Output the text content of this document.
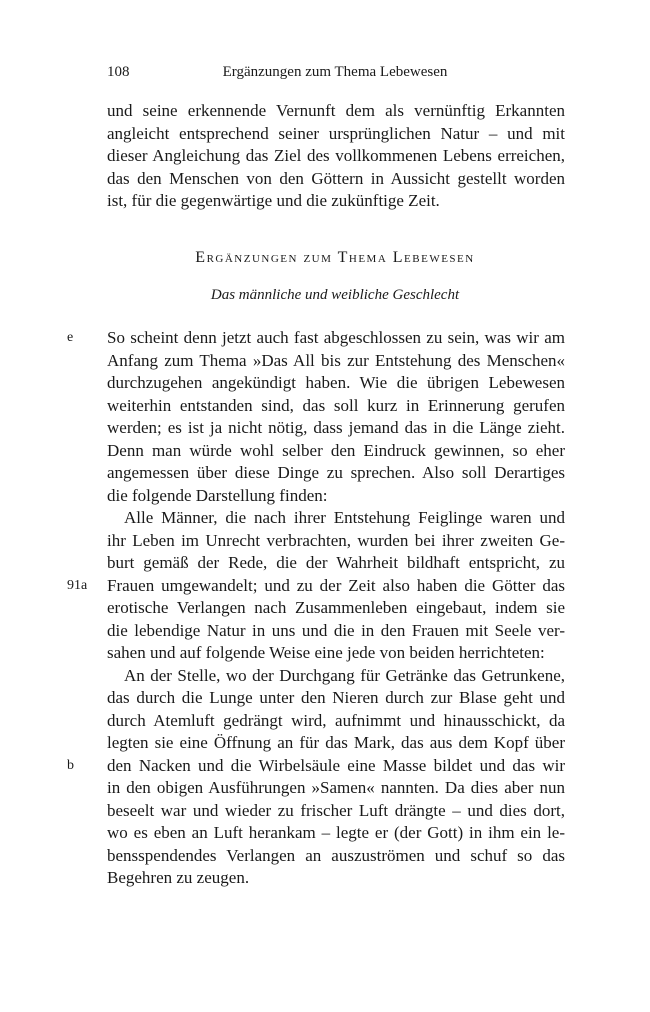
108	Ergänzungen zum Thema Lebewesen
und seine erkennende Vernunft dem als vernünftig Erkannten
angleicht entsprechend seiner ursprünglichen Natur – und mit
dieser Angleichung das Ziel des vollkommenen Lebens erreichen,
das den Menschen von den Göttern in Aussicht gestellt worden
ist, für die gegenwärtige und die zukünftige Zeit.
Ergänzungen zum Thema Lebewesen
Das männliche und weibliche Geschlecht
e	So scheint denn jetzt auch fast abgeschlossen zu sein, was wir am
Anfang zum Thema »Das All bis zur Entstehung des Menschen«
durchzugehen angekündigt haben. Wie die übrigen Lebewesen
weiterhin entstanden sind, das soll kurz in Erinnerung gerufen
werden; es ist ja nicht nötig, dass jemand das in die Länge zieht.
Denn man würde wohl selber den Eindruck gewinnen, so eher
angemessen über diese Dinge zu sprechen. Also soll Derartiges
die folgende Darstellung finden:
Alle Männer, die nach ihrer Entstehung Feiglinge waren und
ihr Leben im Unrecht verbrachten, wurden bei ihrer zweiten Ge-
burt gemäß der Rede, die der Wahrheit bildhaft entspricht, zu
91a	Frauen umgewandelt; und zu der Zeit also haben die Götter das
erotische Verlangen nach Zusammenleben eingebaut, indem sie
die lebendige Natur in uns und die in den Frauen mit Seele ver-
sahen und auf folgende Weise eine jede von beiden herrichteten:
An der Stelle, wo der Durchgang für Getränke das Getrunkene,
das durch die Lunge unter den Nieren durch zur Blase geht und
durch Atemluft gedrängt wird, aufnimmt und hinausschickt, da
legten sie eine Öffnung an für das Mark, das aus dem Kopf über
b	den Nacken und die Wirbelsäule eine Masse bildet und das wir
in den obigen Ausführungen »Samen« nannten. Da dies aber nun
beseelt war und wieder zu frischer Luft drängte – und dies dort,
wo es eben an Luft herankam – legte er (der Gott) in ihm ein le-
bensspendendes Verlangen an auszuströmen und schuf so das
Begehren zu zeugen.
